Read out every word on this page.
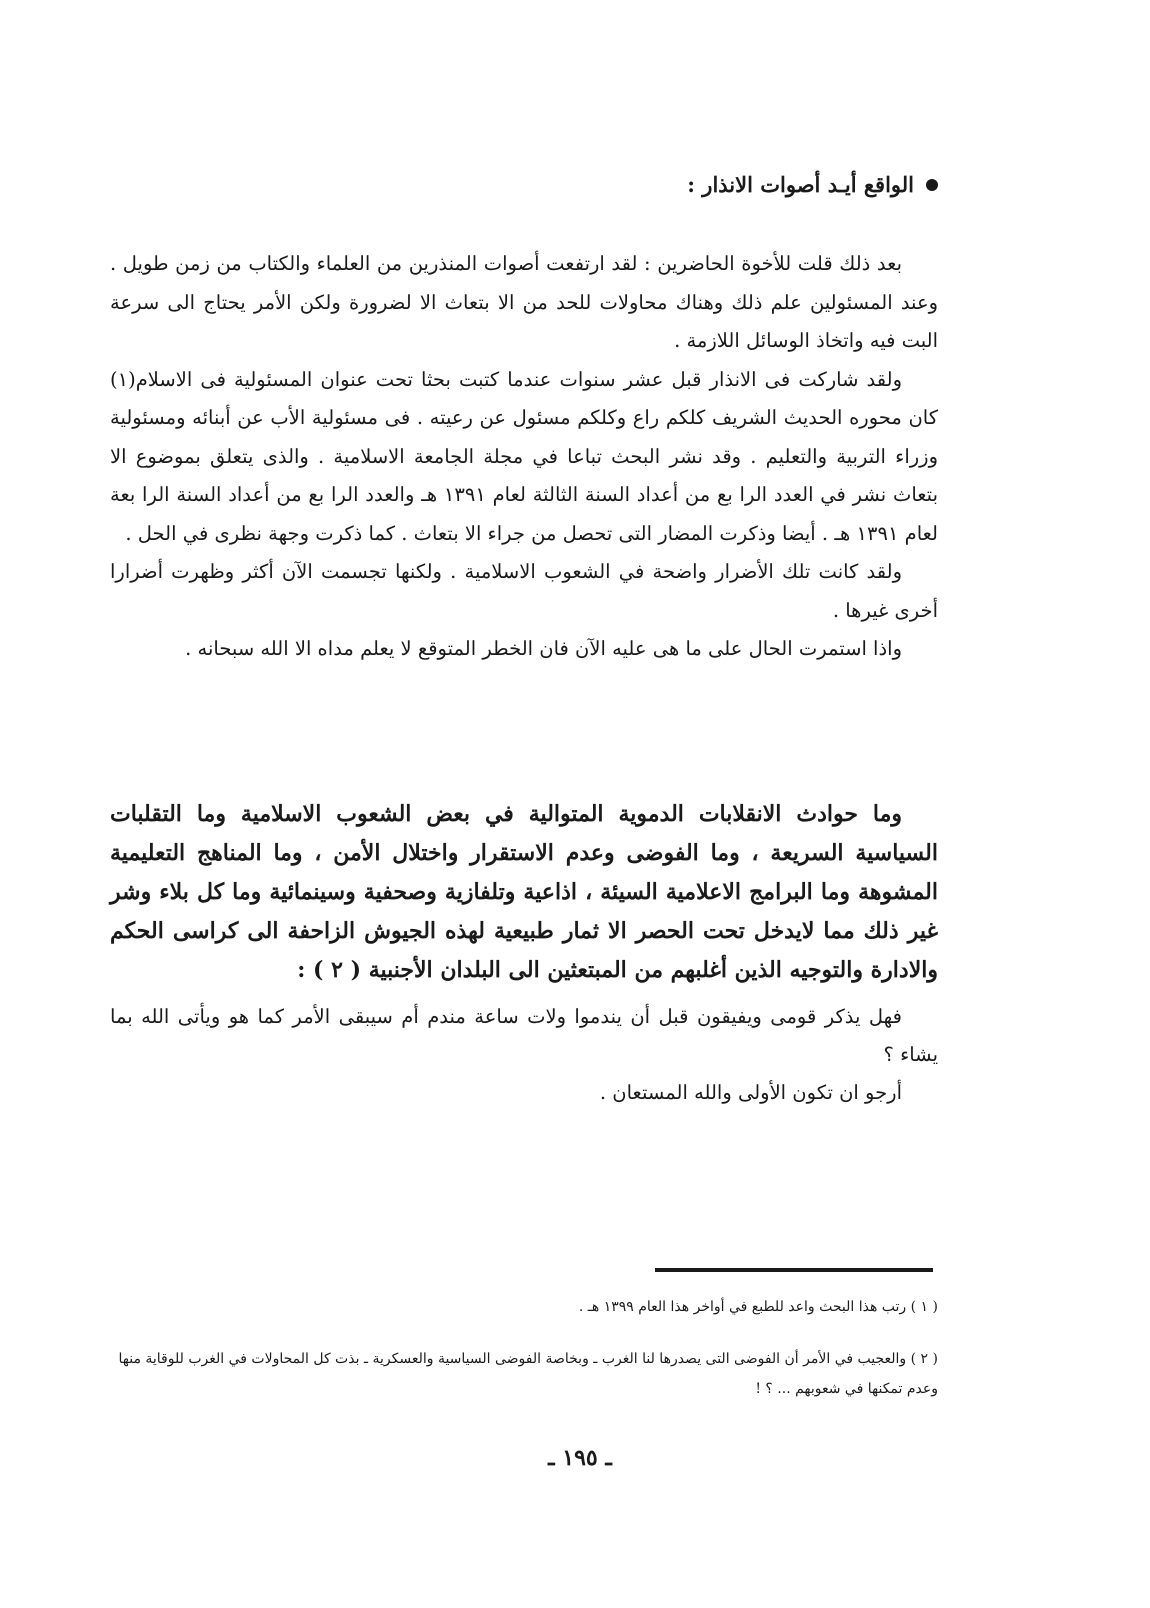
الواقع أيـد أصوات الانذار :

بعد ذلك قلت للأخوة الحاضرين : لقد ارتفعت أصوات المنذرين من العلماء والكتاب من زمن طويل . وعند المسئولين علم ذلك وهناك محاولات للحد من الا بتعاث الا لضرورة ولكن الأمر يحتاج الى سرعة البت فيه واتخاذ الوسائل اللازمة .

ولقد شاركت فى الانذار قبل عشر سنوات عندما كتبت بحثا تحت عنوان المسئولية فى الاسلام(١) كان محوره الحديث الشريف كلكم راع وكلكم مسئول عن رعيته . فى مسئولية الأب عن أبنائه ومسئولية وزراء التربية والتعليم . وقد نشر البحث تباعا في مجلة الجامعة الاسلامية . والذى يتعلق بموضوع الا بتعاث نشر في العدد الرا بع من أعداد السنة الثالثة لعام ١٣٩١ هـ والعدد الرا بع من أعداد السنة الرا بعة لعام ١٣٩١ هـ . أيضا وذكرت المضار التى تحصل من جراء الا بتعاث . كما ذكرت وجهة نظرى في الحل .

ولقد كانت تلك الأضرار واضحة في الشعوب الاسلامية . ولكنها تجسمت الآن أكثر وظهرت أضرارا أخرى غيرها .

واذا استمرت الحال على ما هى عليه الآن فان الخطر المتوقع لا يعلم مداه الا الله سبحانه .

وما حوادث الانقلابات الدموية المتوالية في بعض الشعوب الاسلامية وما التقلبات السياسية السريعة ، وما الفوضى وعدم الاستقرار واختلال الأمن ، وما المناهج التعليمية المشوهة وما البرامج الاعلامية السيئة ، اذاعية وتلفازية وصحفية وسينمائية وما كل بلاء وشر غير ذلك مما لايدخل تحت الحصر الا ثمار طبيعية لهذه الجيوش الزاحفة الى كراسى الحكم والادارة والتوجيه الذين أغلبهم من المبتعثين الى البلدان الأجنبية ( ٢ ) :

فهل يذكر قومى ويفيقون قبل أن يندموا ولات ساعة مندم أم سيبقى الأمر كما هو ويأتى الله بما يشاء ؟

أرجو ان تكون الأولى والله المستعان .

( ١ ) رتب هذا البحث واعد للطبع في أواخر هذا العام ١٣٩٩ هـ .

( ٢ ) والعجيب في الأمر أن الفوضى التى يصدرها لنا الغرب ـ وبخاصة الفوضى السياسية والعسكرية ـ بذت كل المحاولات في الغرب للوقاية منها وعدم تمكنها في شعوبهم ... ؟ !

ـ ١٩٥ ـ
